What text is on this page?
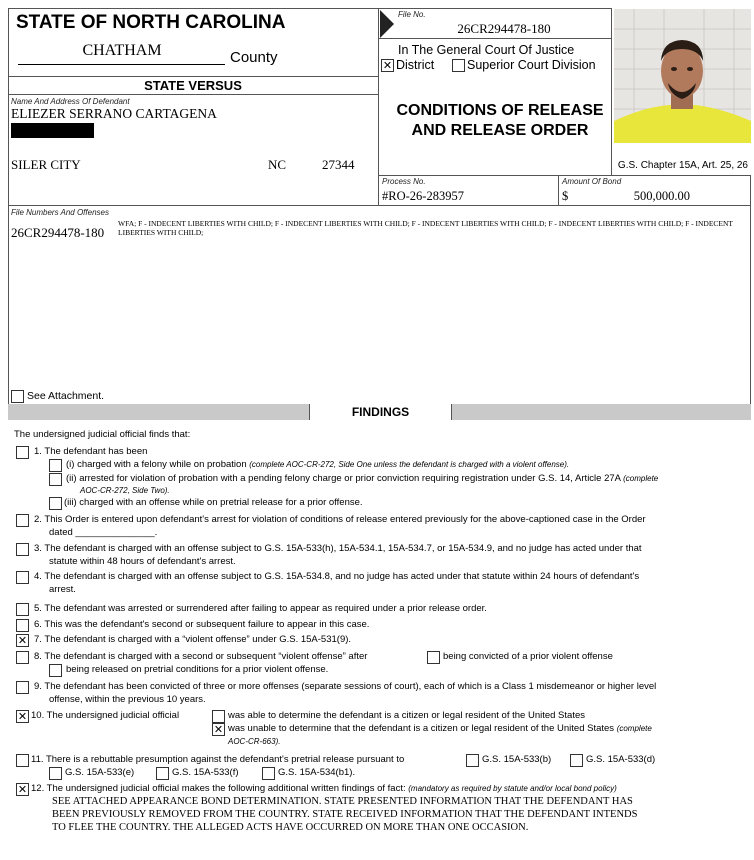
STATE OF NORTH CAROLINA
CHATHAM	County
File No.
26CR294478-180
In The General Court Of Justice
✕ District	Superior Court Division
STATE VERSUS
Name And Address Of Defendant
ELIEZER SERRANO CARTAGENA
SILER CITY	NC	27344
CONDITIONS OF RELEASE
AND RELEASE ORDER
G.S. Chapter 15A, Art. 25, 26
Process No.
#RO-26-283957
Amount Of Bond
$	500,000.00
File Numbers And Offenses
26CR294478-180
WFA; F - INDECENT LIBERTIES WITH CHILD; F - INDECENT LIBERTIES WITH CHILD; F - INDECENT LIBERTIES WITH CHILD; F - INDECENT LIBERTIES WITH CHILD; F - INDECENT LIBERTIES WITH CHILD;
See Attachment.
FINDINGS
The undersigned judicial official finds that:
1. The defendant has been
(i) charged with a felony while on probation (complete AOC-CR-272, Side One unless the defendant is charged with a violent offense).
(ii) arrested for violation of probation with a pending felony charge or prior conviction requiring registration under G.S. 14, Article 27A (complete
AOC-CR-272, Side Two).
(iii) charged with an offense while on pretrial release for a prior offense.
2. This Order is entered upon defendant's arrest for violation of conditions of release entered previously for the above-captioned case in the Order
dated _______________.
3. The defendant is charged with an offense subject to G.S. 15A-533(h), 15A-534.1, 15A-534.7, or 15A-534.9, and no judge has acted under that
statute within 48 hours of defendant's arrest.
4. The defendant is charged with an offense subject to G.S. 15A-534.8, and no judge has acted under that statute within 24 hours of defendant's
arrest.
5. The defendant was arrested or surrendered after failing to appear as required under a prior release order.
6. This was the defendant's second or subsequent failure to appear in this case.
✕ 7. The defendant is charged with a “violent offense” under G.S. 15A-531(9).
8. The defendant is charged with a second or subsequent “violent offense” after	being convicted of a prior violent offense
being released on pretrial conditions for a prior violent offense.
9. The defendant has been convicted of three or more offenses (separate sessions of court), each of which is a Class 1 misdemeanor or higher level
offense, within the previous 10 years.
✕ 10. The undersigned judicial official	was able to determine the defendant is a citizen or legal resident of the United States
✕ was unable to determine that the defendant is a citizen or legal resident of the United States (complete
AOC-CR-663).
11. There is a rebuttable presumption against the defendant's pretrial release pursuant to	G.S. 15A-533(b)	G.S. 15A-533(d)
G.S. 15A-533(e)	G.S. 15A-533(f)	G.S. 15A-534(b1).
✕ 12. The undersigned judicial official makes the following additional written findings of fact: (mandatory as required by statute and/or local bond policy)
SEE ATTACHED APPEARANCE BOND DETERMINATION. STATE PRESENTED INFORMATION THAT THE DEFENDANT HAS
BEEN PREVIOUSLY REMOVED FROM THE COUNTRY. STATE RECEIVED INFORMATION THAT THE DEFENDANT INTENDS
TO FLEE THE COUNTRY. THE ALLEGED ACTS HAVE OCCURRED ON MORE THAN ONE OCCASION.
